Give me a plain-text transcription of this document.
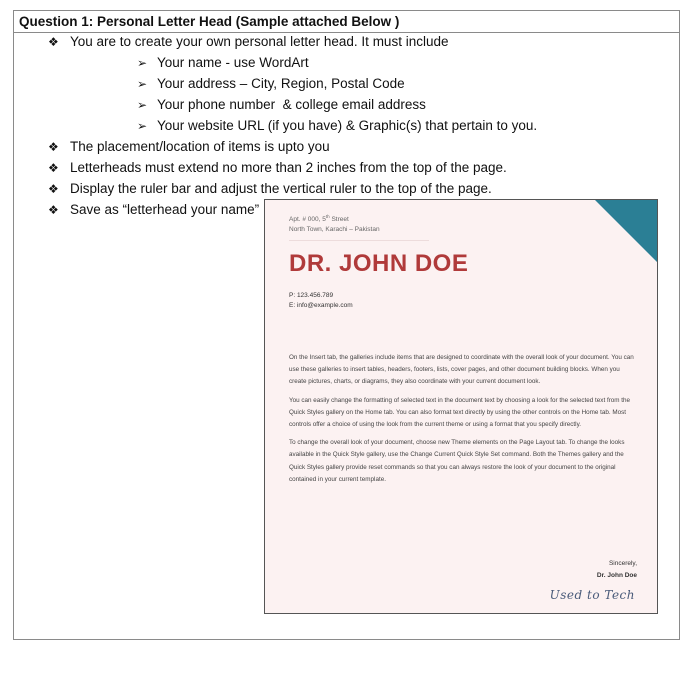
Question 1: Personal Letter Head (Sample attached Below )
❖ You are to create your own personal letter head. It must include
➢ Your name - use WordArt
➢ Your address – City, Region, Postal Code
➢ Your phone number  & college email address
➢ Your website URL (if you have) & Graphic(s) that pertain to you.
❖ The placement/location of items is upto you
❖ Letterheads must extend no more than 2 inches from the top of the page.
❖ Display the ruler bar and adjust the vertical ruler to the top of the page.
❖ Save as “letterhead your name”
Apt. # 000, 5th Street
North Town, Karachi – Pakistan
DR. JOHN DOE
P: 123.456.789
E: info@example.com

On the Insert tab, the galleries include items that are designed to coordinate with the overall look of your document. You can use these galleries to insert tables, headers, footers, lists, cover pages, and other document building blocks. When you create pictures, charts, or diagrams, they also coordinate with your current document look.

You can easily change the formatting of selected text in the document text by choosing a look for the selected text from the Quick Styles gallery on the Home tab. You can also format text directly by using the other controls on the Home tab. Most controls offer a choice of using the look from the current theme or using a format that you specify directly.

To change the overall look of your document, choose new Theme elements on the Page Layout tab. To change the looks available in the Quick Style gallery, use the Change Current Quick Style Set command. Both the Themes gallery and the Quick Styles gallery provide reset commands so that you can always restore the look of your document to the original contained in your current template.

Sincerely,
Dr. John Doe
Used to Tech
